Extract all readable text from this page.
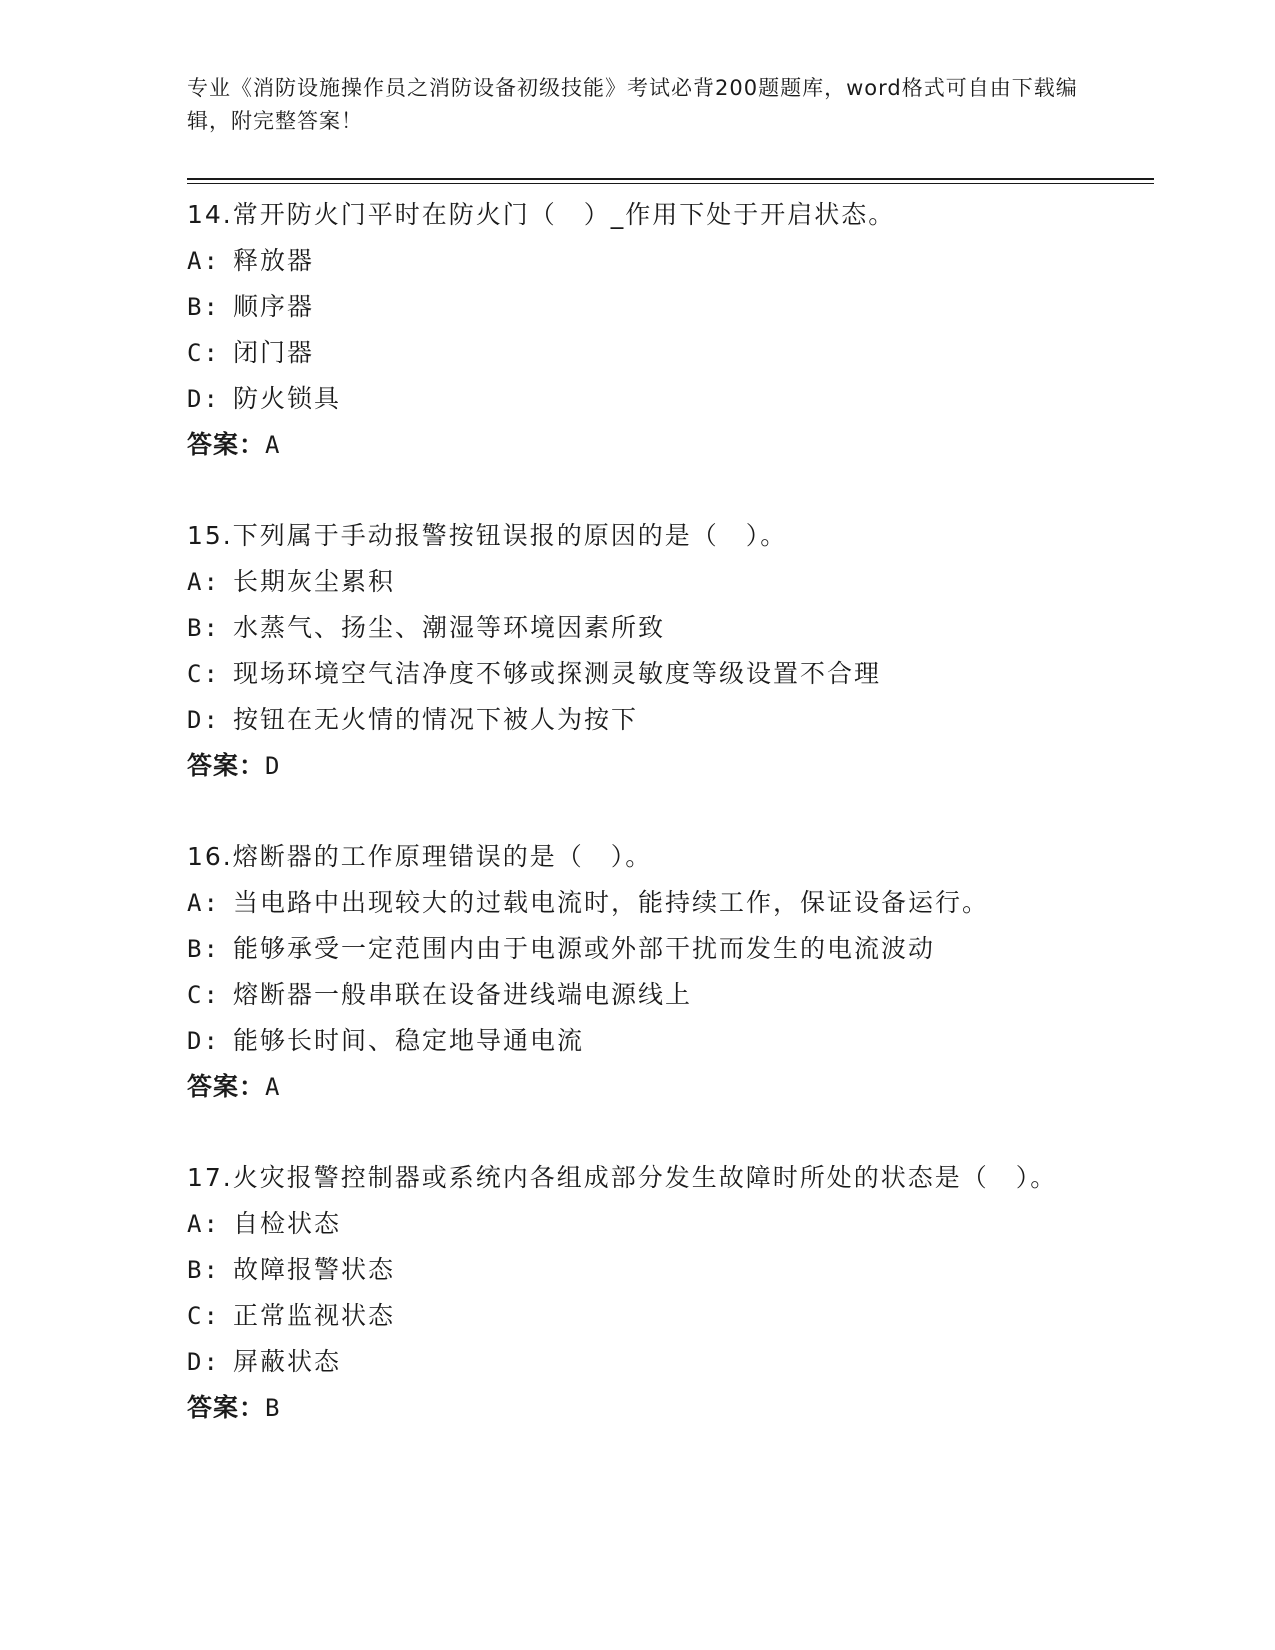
专业《消防设施操作员之消防设备初级技能》考试必背200题题库，word格式可自由下载编辑，附完整答案！

14.常开防火门平时在防火门（　）_作用下处于开启状态。

A: 释放器

B: 顺序器

C: 闭门器

D: 防火锁具

答案：A

15.下列属于手动报警按钮误报的原因的是（　）。

A: 长期灰尘累积

B: 水蒸气、扬尘、潮湿等环境因素所致

C: 现场环境空气洁净度不够或探测灵敏度等级设置不合理

D: 按钮在无火情的情况下被人为按下

答案：D

16.熔断器的工作原理错误的是（　）。

A: 当电路中出现较大的过载电流时，能持续工作，保证设备运行。

B: 能够承受一定范围内由于电源或外部干扰而发生的电流波动

C: 熔断器一般串联在设备进线端电源线上

D: 能够长时间、稳定地导通电流

答案：A

17.火灾报警控制器或系统内各组成部分发生故障时所处的状态是（　）。

A: 自检状态

B: 故障报警状态

C: 正常监视状态

D: 屏蔽状态

答案：B
